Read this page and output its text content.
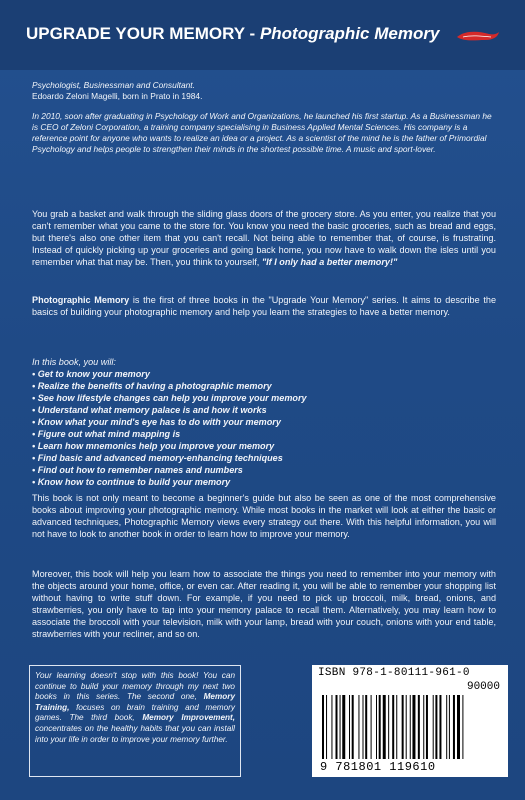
UPGRADE YOUR MEMORY - Photographic Memory

Psychologist, Businessman and Consultant.

Edoardo Zeloni Magelli, born in Prato in 1984.

In 2010, soon after graduating in Psychology of Work and Organizations, he launched his first startup. As a Businessman he is CEO of Zeloni Corporation, a training company specialising in Business Applied Mental Sciences. His company is a reference point for anyone who wants to realize an idea or a project. As a scientist of the mind he is the father of Primordial Psychology and helps people to strengthen their minds in the shortest possible time. A music and sport-lover.

You grab a basket and walk through the sliding glass doors of the grocery store. As you enter, you realize that you can't remember what you came to the store for. You know you need the basic groceries, such as bread and eggs, but there's also one other item that you can't recall. Not being able to remember that, of course, is frustrating. Instead of quickly picking up your groceries and going back home, you now have to walk down the isles until you remember what that may be. Then, you think to yourself, "If I only had a better memory!"

Photographic Memory is the first of three books in the "Upgrade Your Memory" series. It aims to describe the basics of building your photographic memory and help you learn the strategies to have a better memory.

In this book, you will:

• Get to know your memory

• Realize the benefits of having a photographic memory

• See how lifestyle changes can help you improve your memory

• Understand what memory palace is and how it works

• Know what your mind's eye has to do with your memory

• Figure out what mind mapping is

• Learn how mnemonics help you improve your memory

• Find basic and advanced memory-enhancing techniques

• Find out how to remember names and numbers

• Know how to continue to build your memory

This book is not only meant to become a beginner's guide but also be seen as one of the most comprehensive books about improving your photographic memory. While most books in the market will look at either the basic or advanced techniques, Photographic Memory views every strategy out there. With this helpful information, you will not have to look to another book in order to learn how to improve your memory.

Moreover, this book will help you learn how to associate the things you need to remember into your memory with the objects around your home, office, or even car. After reading it, you will be able to remember your shopping list without having to write stuff down. For example, if you need to pick up broccoli, milk, bread, onions, and strawberries, you only have to tap into your memory palace to recall them. Alternatively, you may learn how to associate the broccoli with your television, milk with your lamp, bread with your couch, onions with your end table, strawberries with your recliner, and so on.

Your learning doesn't stop with this book! You can continue to build your memory through my next two books in this series. The second one, Memory Training, focuses on brain training and memory games. The third book, Memory Improvement, concentrates on the healthy habits that you can install into your life in order to improve your memory further.
ISBN 978-1-80111-961-0
90000
9 781801 119610
